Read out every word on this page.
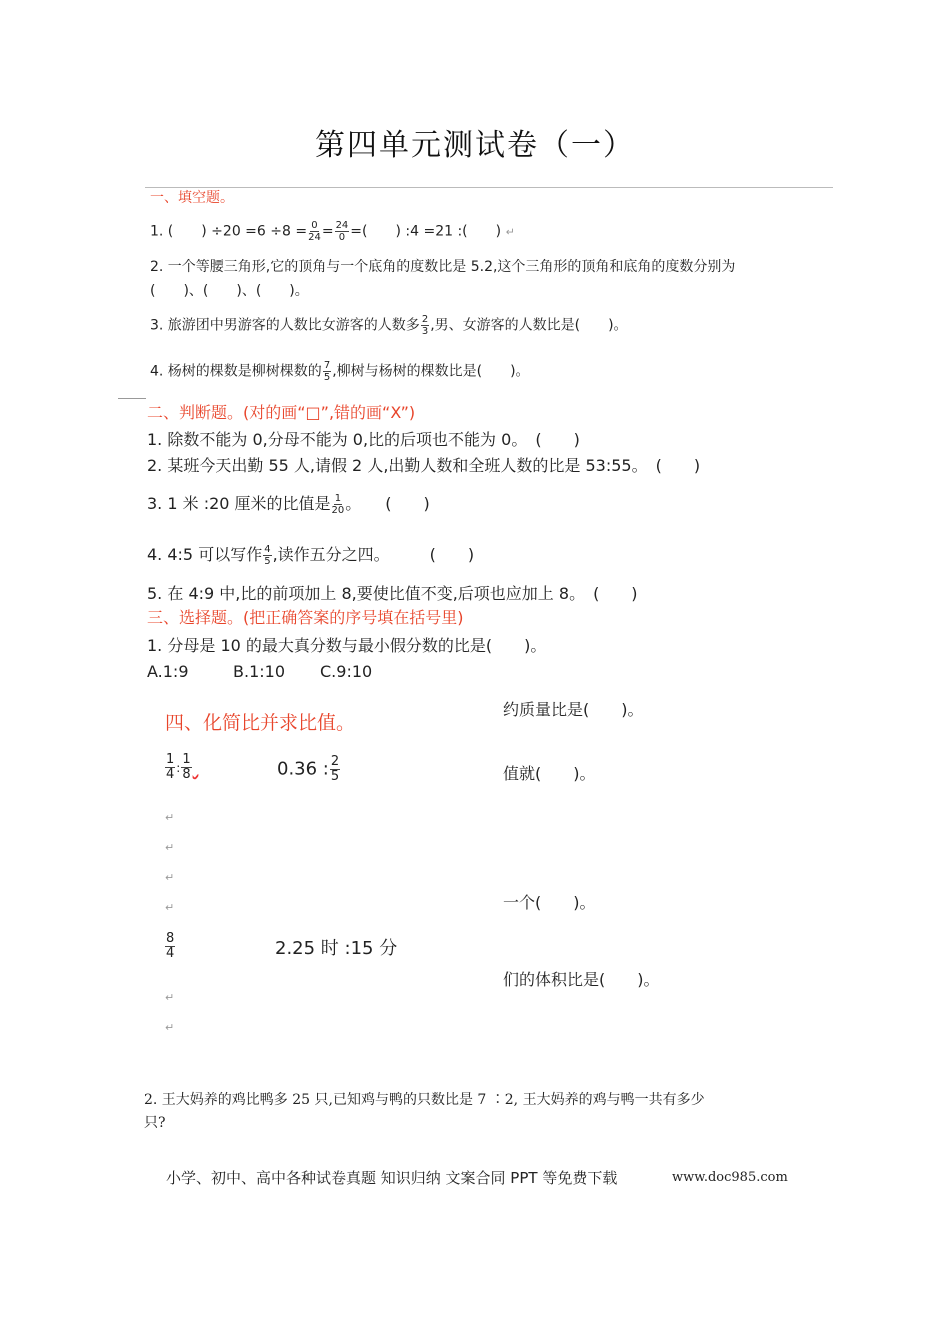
第四单元测试卷（一）
一、填空题。
1. (　　) $\div 20 =6 \div 8 = \frac{0}{24} = \frac{24}{0}$ =(　　) :4 =21 :(　　) ↵
2. 一个等腰三角形,它的顶角与一个底角的度数比是 5.2,这个三角形的顶角和底角的度数分别为
(　　)、(　　)、(　　)。
3. 旅游团中男游客的人数比女游客的人数多 $\frac{2}{3}$ ,男、女游客的人数比是(　　)。
4. 杨树的棵数是柳树棵数的 $\frac{7}{5}$ ,柳树与杨树的棵数比是(　　)。
二、判断题。(对的画“□”,错的画“X”)
1. 除数不能为 0,分母不能为 0,比的后项也不能为 0。　(　　)
2. 某班今天出勤 55 人,请假 2 人,出勤人数和全班人数的比是 53:55。　(　　)
3. 1 米 :20 厘米的比值是 $\frac{1}{20}$ 。　　(　　)
4. 4:5 可以写作 $\frac{4}{5}$ ,读作五分之四。　　　(　　)
5. 在 4:9 中,比的前项加上 8,要使比值不变,后项也应加上 8。　(　　)
三、选择题。(把正确答案的序号填在括号里)
1. 分母是 10 的最大真分数与最小假分数的比是(　　)。
A.1:9	B.1:10 C.9:10
约质量比是(　　)。
值就(　　)。
一个(　　)。
们的体积比是(　　)。
四、化简比并求比值。
$\frac{1}{4}$ : $\frac{1}{8}$
	0.36 : $\frac{2}{5}$
$\frac{8}{4}$	2.25 时 :15 分
↵
↵
↵
↵
↵
↵
2. 王大妈养的鸡比鸭多 25 只,已知鸡与鸭的只数比是 7 ∶2, 王大妈养的鸡与鸭一共有多少
只?
小学、初中、高中各种试卷真题 知识归纳 文案合同 PPT 等免费下载	www.doc985.com
